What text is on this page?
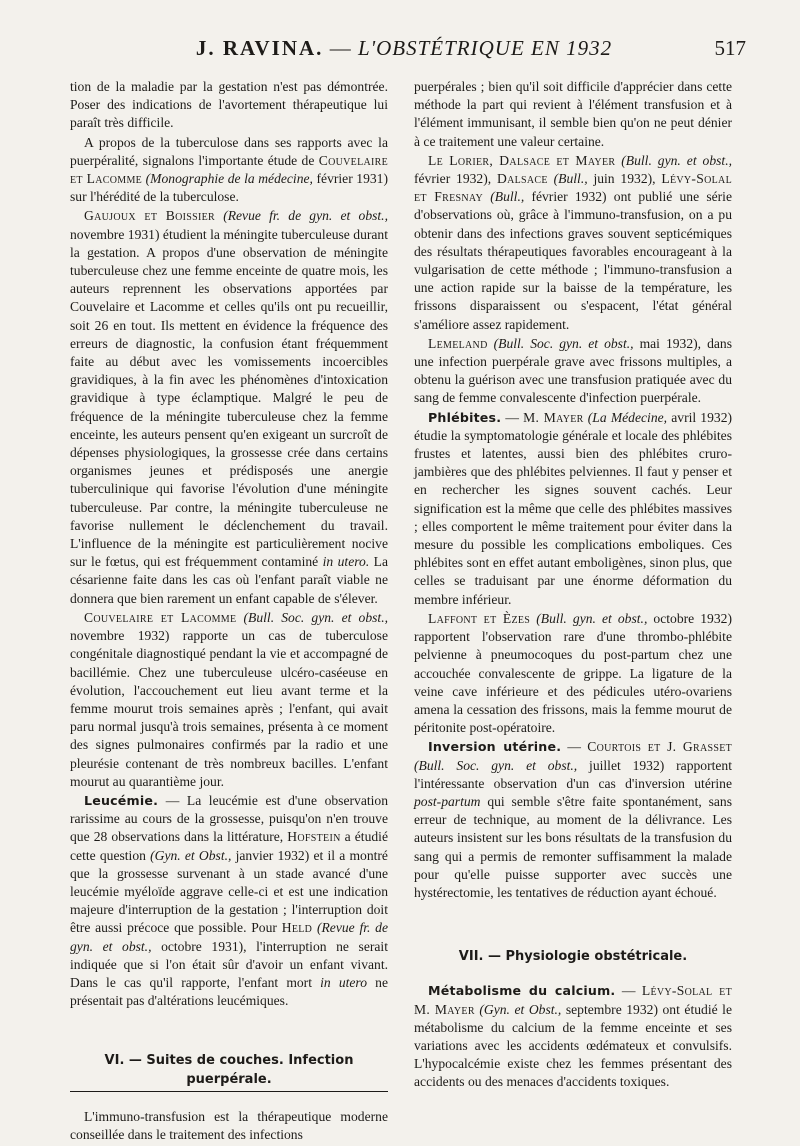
J. RAVINA. — L'OBSTÉTRIQUE EN 1932	517

tion de la maladie par la gestation n'est pas démontrée. Poser des indications de l'avortement thérapeutique lui paraît très difficile.

A propos de la tuberculose dans ses rapports avec la puerpéralité, signalons l'importante étude de Couvelaire et Lacomme (Monographie de la médecine, février 1931) sur l'hérédité de la tuberculose.

Gaujoux et Boissier (Revue fr. de gyn. et obst., novembre 1931) étudient la méningite tuberculeuse durant la gestation. A propos d'une observation de méningite tuberculeuse chez une femme enceinte de quatre mois, les auteurs reprennent les observations apportées par Couvelaire et Lacomme et celles qu'ils ont pu recueillir, soit 26 en tout. Ils mettent en évidence la fréquence des erreurs de diagnostic, la confusion étant fréquemment faite au début avec les vomissements incoercibles gravidiques, à la fin avec les phénomènes d'intoxication gravidique à type éclamptique. Malgré le peu de fréquence de la méningite tuberculeuse chez la femme enceinte, les auteurs pensent qu'en exigeant un surcroît de dépenses physiologiques, la grossesse crée dans certains organismes jeunes et prédisposés une anergie tuberculinique qui favorise l'évolution d'une méningite tuberculeuse. Par contre, la méningite tuberculeuse ne favorise nullement le déclenchement du travail. L'influence de la méningite est particulièrement nocive sur le fœtus, qui est fréquemment contaminé in utero. La césarienne faite dans les cas où l'enfant paraît viable ne donnera que bien rarement un enfant capable de s'élever.

Couvelaire et Lacomme (Bull. Soc. gyn. et obst., novembre 1932) rapporte un cas de tuberculose congénitale diagnostiqué pendant la vie et accompagné de bacillémie. Chez une tuberculeuse ulcéro-caséeuse en évolution, l'accouchement eut lieu avant terme et la femme mourut trois semaines après ; l'enfant, qui avait paru normal jusqu'à trois semaines, présenta à ce moment des signes pulmonaires confirmés par la radio et une pleurésie contenant de très nombreux bacilles. L'enfant mourut au quarantième jour.

Leucémie. — La leucémie est d'une observation rarissime au cours de la grossesse, puisqu'on n'en trouve que 28 observations dans la littérature, Hofstein a étudié cette question (Gyn. et Obst., janvier 1932) et il a montré que la grossesse survenant à un stade avancé d'une leucémie myéloïde aggrave celle-ci et est une indication majeure d'interruption de la gestation ; l'interruption doit être aussi précoce que possible. Pour Held (Revue fr. de gyn. et obst., octobre 1931), l'interruption ne serait indiquée que si l'on était sûr d'avoir un enfant vivant. Dans le cas qu'il rapporte, l'enfant mort in utero ne présentait pas d'altérations leucémiques.

VI. — Suites de couches. Infection puerpérale.

L'immuno-transfusion est la thérapeutique moderne conseillée dans le traitement des infections

puerpérales ; bien qu'il soit difficile d'apprécier dans cette méthode la part qui revient à l'élément transfusion et à l'élément immunisant, il semble bien qu'on ne peut dénier à ce traitement une valeur certaine.

Le Lorier, Dalsace et Mayer (Bull. gyn. et obst., février 1932), Dalsace (Bull., juin 1932), Lévy-Solal et Fresnay (Bull., février 1932) ont publié une série d'observations où, grâce à l'immuno-transfusion, on a pu obtenir dans des infections graves souvent septicémiques des résultats thérapeutiques favorables encourageant à la vulgarisation de cette méthode ; l'immuno-transfusion a une action rapide sur la baisse de la température, les frissons disparaissent ou s'espacent, l'état général s'améliore assez rapidement.

Lemeland (Bull. Soc. gyn. et obst., mai 1932), dans une infection puerpérale grave avec frissons multiples, a obtenu la guérison avec une transfusion pratiquée avec du sang de femme convalescente d'infection puerpérale.

Phlébites. — M. Mayer (La Médecine, avril 1932) étudie la symptomatologie générale et locale des phlébites frustes et latentes, aussi bien des phlébites cruro-jambières que des phlébites pelviennes. Il faut y penser et en rechercher les signes souvent cachés. Leur signification est la même que celle des phlébites massives ; elles comportent le même traitement pour éviter dans la mesure du possible les complications emboliques. Ces phlébites sont en effet autant emboligènes, sinon plus, que celles se traduisant par une énorme déformation du membre inférieur.

Laffont et Èzes (Bull. gyn. et obst., octobre 1932) rapportent l'observation rare d'une thrombo-phlébite pelvienne à pneumocoques du post-partum chez une accouchée convalescente de grippe. La ligature de la veine cave inférieure et des pédicules utéro-ovariens amena la cessation des frissons, mais la femme mourut de péritonite post-opératoire.

Inversion utérine. — Courtois et J. Grasset (Bull. Soc. gyn. et obst., juillet 1932) rapportent l'intéressante observation d'un cas d'inversion utérine post-partum qui semble s'être faite spontanément, sans erreur de technique, au moment de la délivrance. Les auteurs insistent sur les bons résultats de la transfusion du sang qui a permis de remonter suffisamment la malade pour qu'elle puisse supporter avec succès une hystérectomie, les tentatives de réduction ayant échoué.

VII. — Physiologie obstétricale.

Métabolisme du calcium. — Lévy-Solal et M. Mayer (Gyn. et Obst., septembre 1932) ont étudié le métabolisme du calcium de la femme enceinte et ses variations avec les accidents œdémateux et convulsifs. L'hypocalcémie existe chez les femmes présentant des accidents ou des menaces d'accidents toxiques.
